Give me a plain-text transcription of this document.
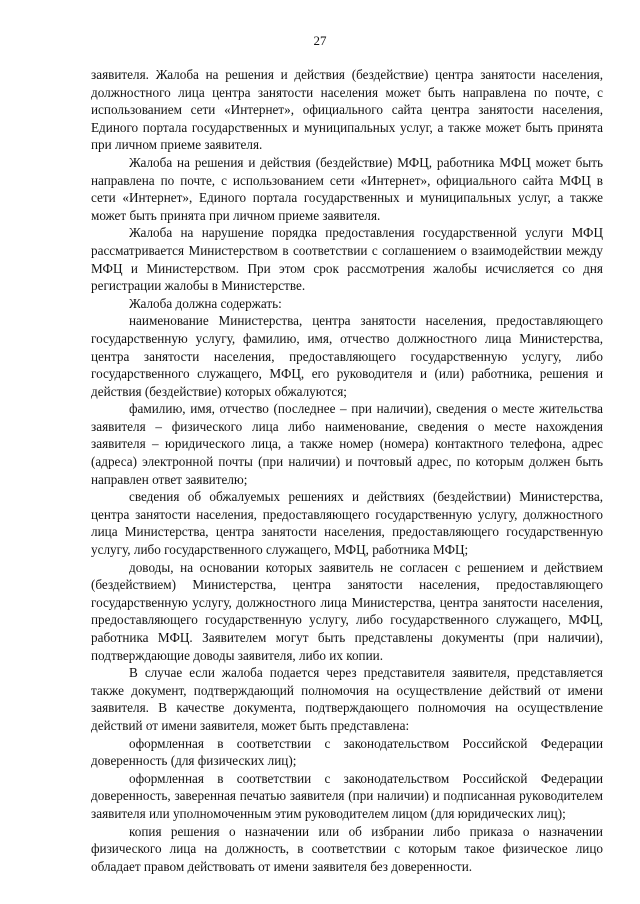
27

заявителя. Жалоба на решения и действия (бездействие) центра занятости населения, должностного лица центра занятости населения может быть направлена по почте, с использованием сети «Интернет», официального сайта центра занятости населения, Единого портала государственных и муниципальных услуг, а также может быть принята при личном приеме заявителя.

Жалоба на решения и действия (бездействие) МФЦ, работника МФЦ может быть направлена по почте, с использованием сети «Интернет», официального сайта МФЦ в сети «Интернет», Единого портала государственных и муниципальных услуг, а также может быть принята при личном приеме заявителя.

Жалоба на нарушение порядка предоставления государственной услуги МФЦ рассматривается Министерством в соответствии с соглашением о взаимодействии между МФЦ и Министерством. При этом срок рассмотрения жалобы исчисляется со дня регистрации жалобы в Министерстве.

Жалоба должна содержать:

наименование Министерства, центра занятости населения, предоставляющего государственную услугу, фамилию, имя, отчество должностного лица Министерства, центра занятости населения, предоставляющего государственную услугу, либо государственного служащего, МФЦ, его руководителя и (или) работника, решения и действия (бездействие) которых обжалуются;

фамилию, имя, отчество (последнее – при наличии), сведения о месте жительства заявителя – физического лица либо наименование, сведения о месте нахождения заявителя – юридического лица, а также номер (номера) контактного телефона, адрес (адреса) электронной почты (при наличии) и почтовый адрес, по которым должен быть направлен ответ заявителю;

сведения об обжалуемых решениях и действиях (бездействии) Министерства, центра занятости населения, предоставляющего государственную услугу, должностного лица Министерства, центра занятости населения, предоставляющего государственную услугу, либо государственного служащего, МФЦ, работника МФЦ;

доводы, на основании которых заявитель не согласен с решением и действием (бездействием) Министерства, центра занятости населения, предоставляющего государственную услугу, должностного лица Министерства, центра занятости населения, предоставляющего государственную услугу, либо государственного служащего, МФЦ, работника МФЦ. Заявителем могут быть представлены документы (при наличии), подтверждающие доводы заявителя, либо их копии.

В случае если жалоба подается через представителя заявителя, представляется также документ, подтверждающий полномочия на осуществление действий от имени заявителя. В качестве документа, подтверждающего полномочия на осуществление действий от имени заявителя, может быть представлена:

оформленная в соответствии с законодательством Российской Федерации доверенность (для физических лиц);

оформленная в соответствии с законодательством Российской Федерации доверенность, заверенная печатью заявителя (при наличии) и подписанная руководителем заявителя или уполномоченным этим руководителем лицом (для юридических лиц);

копия решения о назначении или об избрании либо приказа о назначении физического лица на должность, в соответствии с которым такое физическое лицо обладает правом действовать от имени заявителя без доверенности.
